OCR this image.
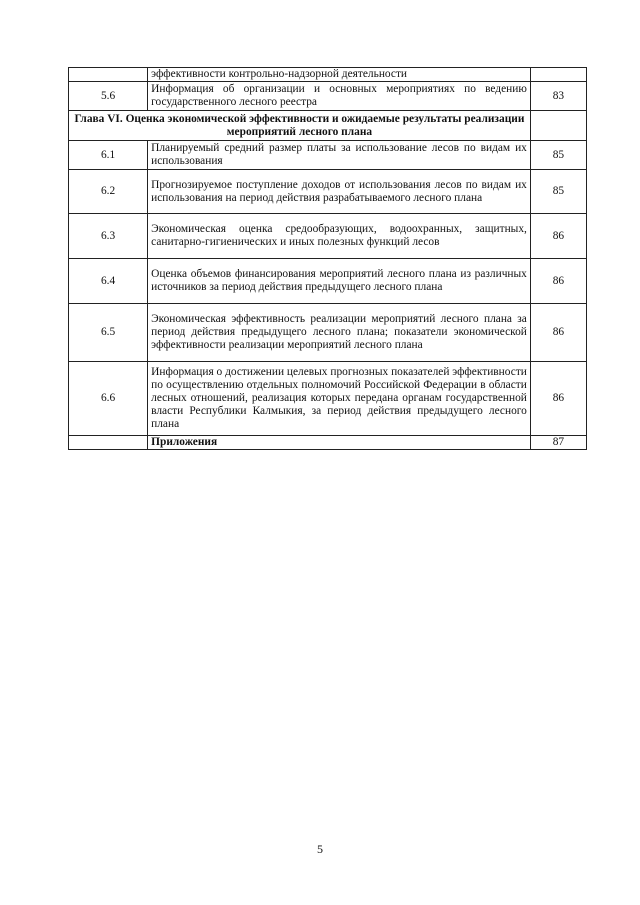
	эффективности контрольно-надзорной деятельности	
5.6	Информация об организации и основных мероприятиях по ведению государственного лесного реестра	83
Глава VI. Оценка экономической эффективности и ожидаемые результаты реализации мероприятий лесного плана		
6.1	Планируемый средний размер платы за использование лесов по видам их использования	85
6.2	Прогнозируемое поступление доходов от использования лесов по видам их использования на период действия разрабатываемого лесного плана	85
6.3	Экономическая оценка средообразующих, водоохранных, защитных, санитарно-гигиенических и иных полезных функций лесов	86
6.4	Оценка объемов финансирования мероприятий лесного плана из различных источников за период действия предыдущего лесного плана	86
6.5	Экономическая эффективность реализации мероприятий лесного плана за период действия предыдущего лесного плана; показатели экономической эффективности реализации мероприятий лесного плана	86
6.6	Информация о достижении целевых прогнозных показателей эффективности по осуществлению отдельных полномочий Российской Федерации в области лесных отношений, реализация которых передана органам государственной власти Республики Калмыкия, за период действия предыдущего лесного плана	86
	Приложения	87
5
